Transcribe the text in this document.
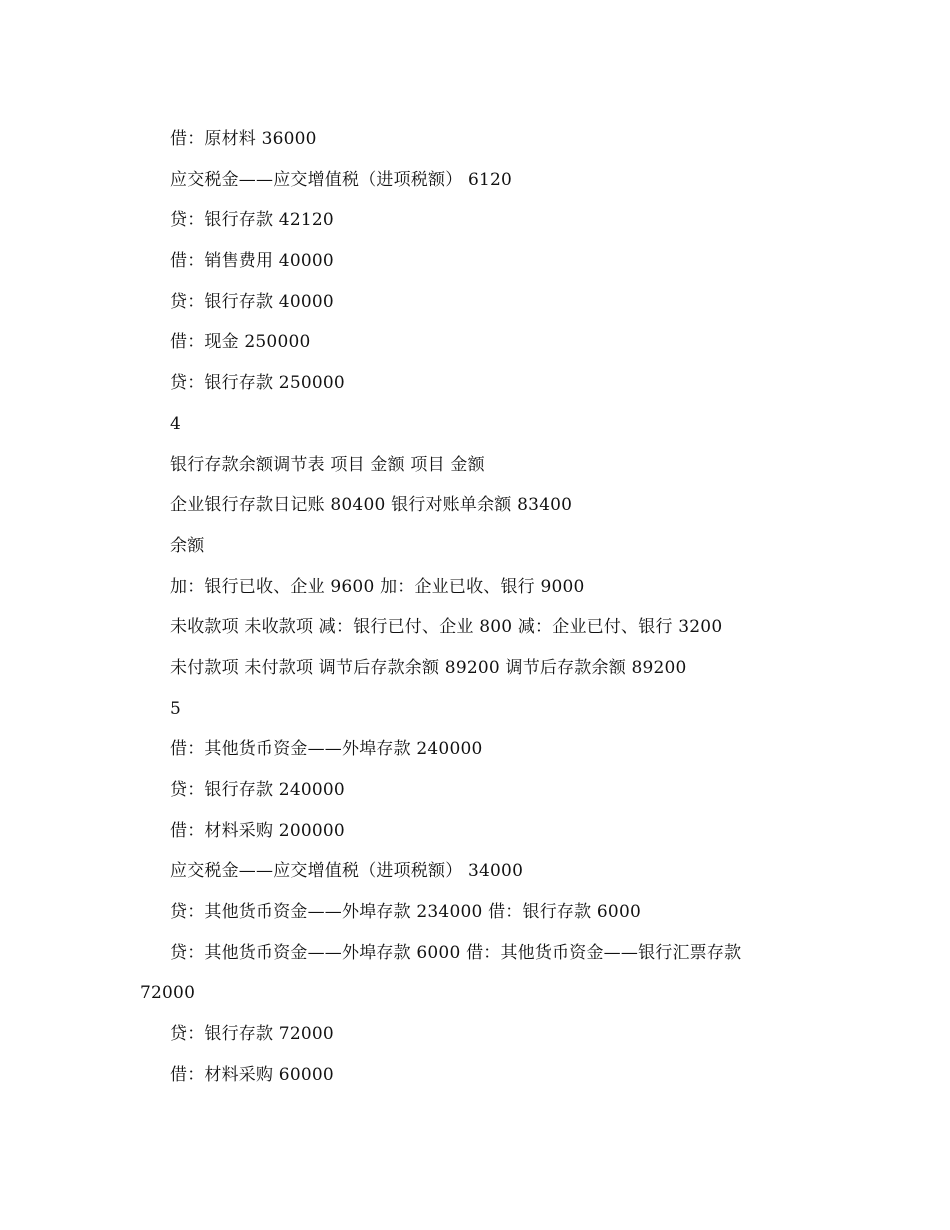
借：原材料 36000
应交税金——应交增值税（进项税额） 6120
贷：银行存款 42120
借：销售费用 40000
贷：银行存款 40000
借：现金 250000
贷：银行存款 250000
4
银行存款余额调节表 项目 金额 项目 金额
企业银行存款日记账 80400 银行对账单余额 83400
余额
加：银行已收、企业 9600 加：企业已收、银行 9000
未收款项 未收款项 减：银行已付、企业 800 减：企业已付、银行 3200
未付款项 未付款项 调节后存款余额 89200 调节后存款余额 89200
5
借：其他货币资金——外埠存款 240000
贷：银行存款 240000
借：材料采购 200000
应交税金——应交增值税（进项税额） 34000
贷：其他货币资金——外埠存款 234000 借：银行存款 6000
贷：其他货币资金——外埠存款 6000 借：其他货币资金——银行汇票存款
72000
贷：银行存款 72000
借：材料采购 60000
